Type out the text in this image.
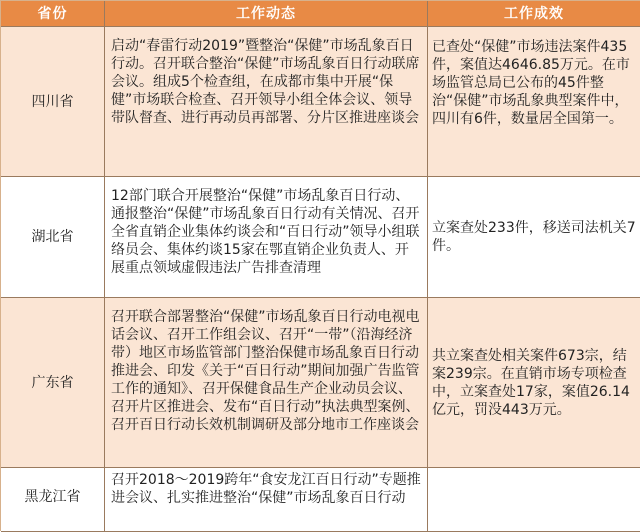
省份	工作动态	工作成效
四川省
启动“春雷行动2019”暨整治“保健”市场乱象百日行动。召开联合整治“保健”市场乱象百日行动联席会议。组成5个检查组，在成都市集中开展“保健”市场联合检查、召开领导小组全体会议、领导带队督查、进行再动员再部署、分片区推进座谈会
已查处“保健”市场违法案件435件，案值达4646.85万元。在市场监管总局已公布的45件整治“保健”市场乱象典型案件中，四川有6件，数量居全国第一。
湖北省
12部门联合开展整治“保健”市场乱象百日行动、通报整治“保健”市场乱象百日行动有关情况、召开全省直销企业集体约谈会和“百日行动”领导小组联络员会、集体约谈15家在鄂直销企业负责人、开展重点领域虚假违法广告排查清理
立案查处233件，移送司法机关7件。
广东省
召开联合部署整治“保健”市场乱象百日行动电视电话会议、召开工作组会议、召开“一带”（沿海经济带）地区市场监管部门整治保健市场乱象百日行动推进会、印发《关于“百日行动”期间加强广告监管工作的通知》、召开保健食品生产企业动员会议、召开片区推进会、发布“百日行动”执法典型案例、召开百日行动长效机制调研及部分地市工作座谈会
共立案查处相关案件673宗，结案239宗。在直销市场专项检查中，立案查处17家，案值26.14亿元，罚没443万元。
黑龙江省
召开2018～2019跨年“食安龙江百日行动”专题推进会议、扎实推进整治“保健”市场乱象百日行动
